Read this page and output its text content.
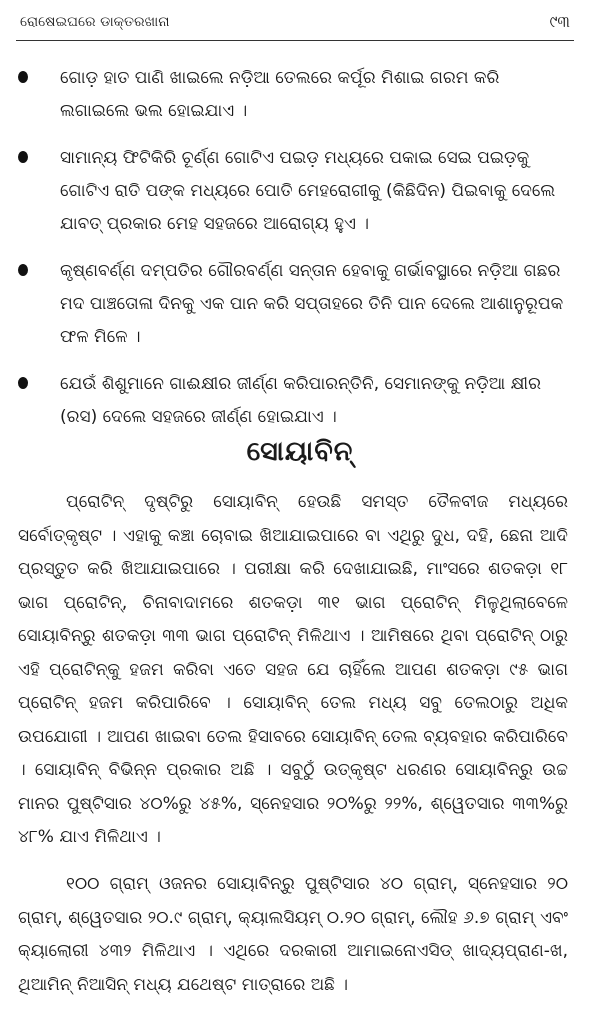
ରୋଷେଇଘରେ ଡାକ୍ତରଖାନା	୯୩
ଗୋଡ଼ ହାତ ପାଣି ଖାଇଲେ ନଡ଼ିଆ ତେଲରେ କର୍ପୂର ମିଶାଇ ଗରମ କରି ଲଗାଇଲେ ଭଲ ହୋଇଯାଏ ।
ସାମାନ୍ୟ ଫିଟିକିରି ଚୂର୍ଣ୍ଣ ଗୋଟିଏ ପଇଡ଼ ମଧ୍ୟରେ ପକାଇ ସେଇ ପଇଡ଼କୁ ଗୋଟିଏ ରାତି ପଙ୍କ ମଧ୍ୟରେ ପୋତି ମେହରୋଗୀକୁ (କିଛିଦିନ) ପିଇବାକୁ ଦେଲେ ଯାବତ୍ ପ୍ରକାର ମେହ ସହଜରେ ଆରୋଗ୍ୟ ହୁଏ ।
କୃଷ୍ଣବର୍ଣ୍ଣ ଦମ୍ପତିର ଗୌରବର୍ଣ୍ଣ ସନ୍ତାନ ହେବାକୁ ଗର୍ଭାବସ୍ଥାରେ ନଡ଼ିଆ ଗଛର ମଦ ପାଞ୍ଚତୋଳା ଦିନକୁ ଏକ ପାନ କରି ସପ୍ତାହରେ ତିନି ପାନ ଦେଲେ ଆଶାନୁରୂପକ ଫଳ ମିଳେ ।
ଯେଉଁ ଶିଶୁମାନେ ଗାଈକ୍ଷୀର ଜୀର୍ଣ୍ଣ କରିପାରନ୍ତିନି, ସେମାନଙ୍କୁ ନଡ଼ିଆ କ୍ଷୀର (ରସ) ଦେଲେ ସହଜରେ ଜୀର୍ଣ୍ଣ ହୋଇଯାଏ ।
ସୋୟାବିନ୍
ପ୍ରୋଟିନ୍ ଦୃଷ୍ଟିରୁ ସୋୟାବିନ୍ ହେଉଛି ସମସ୍ତ ତୈଳବୀଜ ମଧ୍ୟରେ ସର୍ବୋତ୍କୃଷ୍ଟ । ଏହାକୁ କଞ୍ଚା ଚୋବାଇ ଖିଆଯାଇପାରେ ବା ଏଥିରୁ ଦୁଧ, ଦହି, ଛେନା ଆଦି ପ୍ରସ୍ତୁତ କରି ଖିଆଯାଇପାରେ । ପରୀକ୍ଷା କରି ଦେଖାଯାଇଛି, ମାଂସରେ ଶତକଡ଼ା ୧୮ ଭାଗ ପ୍ରୋଟିନ୍, ଚିନାବାଦାମରେ ଶତକଡ଼ା ୩୧ ଭାଗ ପ୍ରୋଟିନ୍ ମିଳୁଥିଲାବେଳେ ସୋୟାବିନ୍‌ରୁ ଶତକଡ଼ା ୩୩ ଭାଗ ପ୍ରୋଟିନ୍ ମିଳିଥାଏ । ଆମିଷରେ ଥିବା ପ୍ରୋଟିନ୍ ଠାରୁ ଏହି ପ୍ରୋଟିନ୍‌କୁ ହଜମ କରିବା ଏତେ ସହଜ ଯେ ଚାହିଁଲେ ଆପଣ ଶତକଡ଼ା ୯୫ ଭାଗ ପ୍ରୋଟିନ୍ ହଜମ କରିପାରିବେ । ସୋୟାବିନ୍ ତେଲ ମଧ୍ୟ ସବୁ ତେଲଠାରୁ ଅଧିକ ଉପଯୋଗୀ । ଆପଣ ଖାଇବା ତେଲ ହିସାବରେ ସୋୟାବିନ୍ ତେଲ ବ୍ୟବହାର କରିପାରିବେ । ସୋୟାବିନ୍ ବିଭିନ୍ନ ପ୍ରକାର ଅଛି । ସବୁଠୁଁ ଉତ୍କୃଷ୍ଟ ଧରଣର ସୋୟାବିନ୍‌ରୁ ଉଚ୍ଚ ମାନର ପୁଷ୍ଟିସାର ୪୦%ରୁ ୪୫%, ସ୍ନେହସାର ୨୦%ରୁ ୨୨%, ଶ୍ୱେତସାର ୩୩%ରୁ ୪୮% ଯାଏ ମିଳିଥାଏ ।
୧୦୦ ଗ୍ରାମ୍ ଓଜନର ସୋୟାବିନ୍‌ରୁ ପୁଷ୍ଟିସାର ୪୦ ଗ୍ରାମ୍, ସ୍ନେହସାର ୨୦ ଗ୍ରାମ୍, ଶ୍ୱେତସାର ୨୦.୯ ଗ୍ରାମ୍, କ୍ୟାଲସିୟମ୍ ୦.୨୦ ଗ୍ରାମ୍, ଲୌହ ୬.୭ ଗ୍ରାମ୍ ଏବଂ କ୍ୟାଲୋରୀ ୪୩୨ ମିଳିଥାଏ । ଏଥିରେ ଦରକାରୀ ଆମାଇନୋଏସିଡ୍ ଖାଦ୍ୟପ୍ରାଣ-ଖ, ଥିଆମିନ୍ ନିଆସିନ୍ ମଧ୍ୟ ଯଥେଷ୍ଟ ମାତ୍ରାରେ ଅଛି ।
